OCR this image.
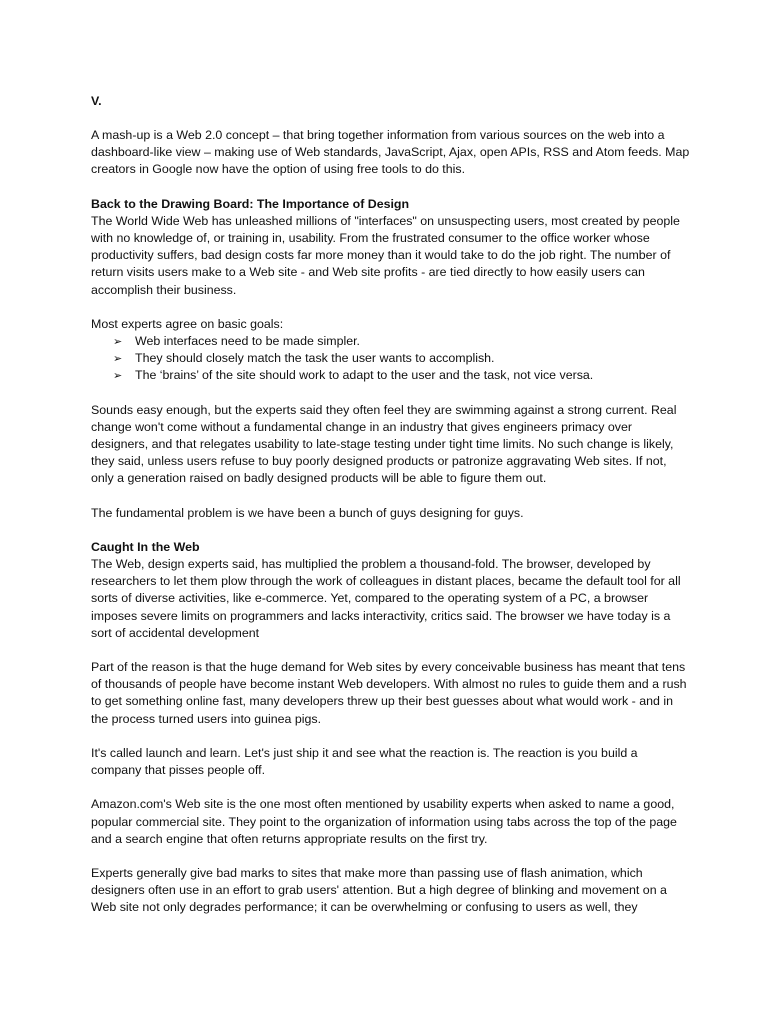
V.

A mash-up is a Web 2.0 concept – that bring together information from various sources on the web into a dashboard-like view – making use of Web standards, JavaScript, Ajax, open APIs, RSS and Atom feeds. Map creators in Google now have the option of using free tools to do this.

Back to the Drawing Board: The Importance of Design

The World Wide Web has unleashed millions of "interfaces" on unsuspecting users, most created by people with no knowledge of, or training in, usability. From the frustrated consumer to the office worker whose productivity suffers, bad design costs far more money than it would take to do the job right. The number of return visits users make to a Web site - and Web site profits - are tied directly to how easily users can accomplish their business.

Most experts agree on basic goals:

➢ Web interfaces need to be made simpler.
➢ They should closely match the task the user wants to accomplish.
➢ The ‘brains’ of the site should work to adapt to the user and the task, not vice versa.

Sounds easy enough, but the experts said they often feel they are swimming against a strong current. Real change won't come without a fundamental change in an industry that gives engineers primacy over designers, and that relegates usability to late-stage testing under tight time limits. No such change is likely, they said, unless users refuse to buy poorly designed products or patronize aggravating Web sites. If not, only a generation raised on badly designed products will be able to figure them out.

The fundamental problem is we have been a bunch of guys designing for guys.

Caught In the Web

The Web, design experts said, has multiplied the problem a thousand-fold. The browser, developed by researchers to let them plow through the work of colleagues in distant places, became the default tool for all sorts of diverse activities, like e-commerce. Yet, compared to the operating system of a PC, a browser imposes severe limits on programmers and lacks interactivity, critics said. The browser we have today is a sort of accidental development

Part of the reason is that the huge demand for Web sites by every conceivable business has meant that tens of thousands of people have become instant Web developers. With almost no rules to guide them and a rush to get something online fast, many developers threw up their best guesses about what would work - and in the process turned users into guinea pigs.

It's called launch and learn. Let's just ship it and see what the reaction is. The reaction is you build a company that pisses people off.

Amazon.com's Web site is the one most often mentioned by usability experts when asked to name a good, popular commercial site. They point to the organization of information using tabs across the top of the page and a search engine that often returns appropriate results on the first try.

Experts generally give bad marks to sites that make more than passing use of flash animation, which designers often use in an effort to grab users' attention. But a high degree of blinking and movement on a Web site not only degrades performance; it can be overwhelming or confusing to users as well, they
